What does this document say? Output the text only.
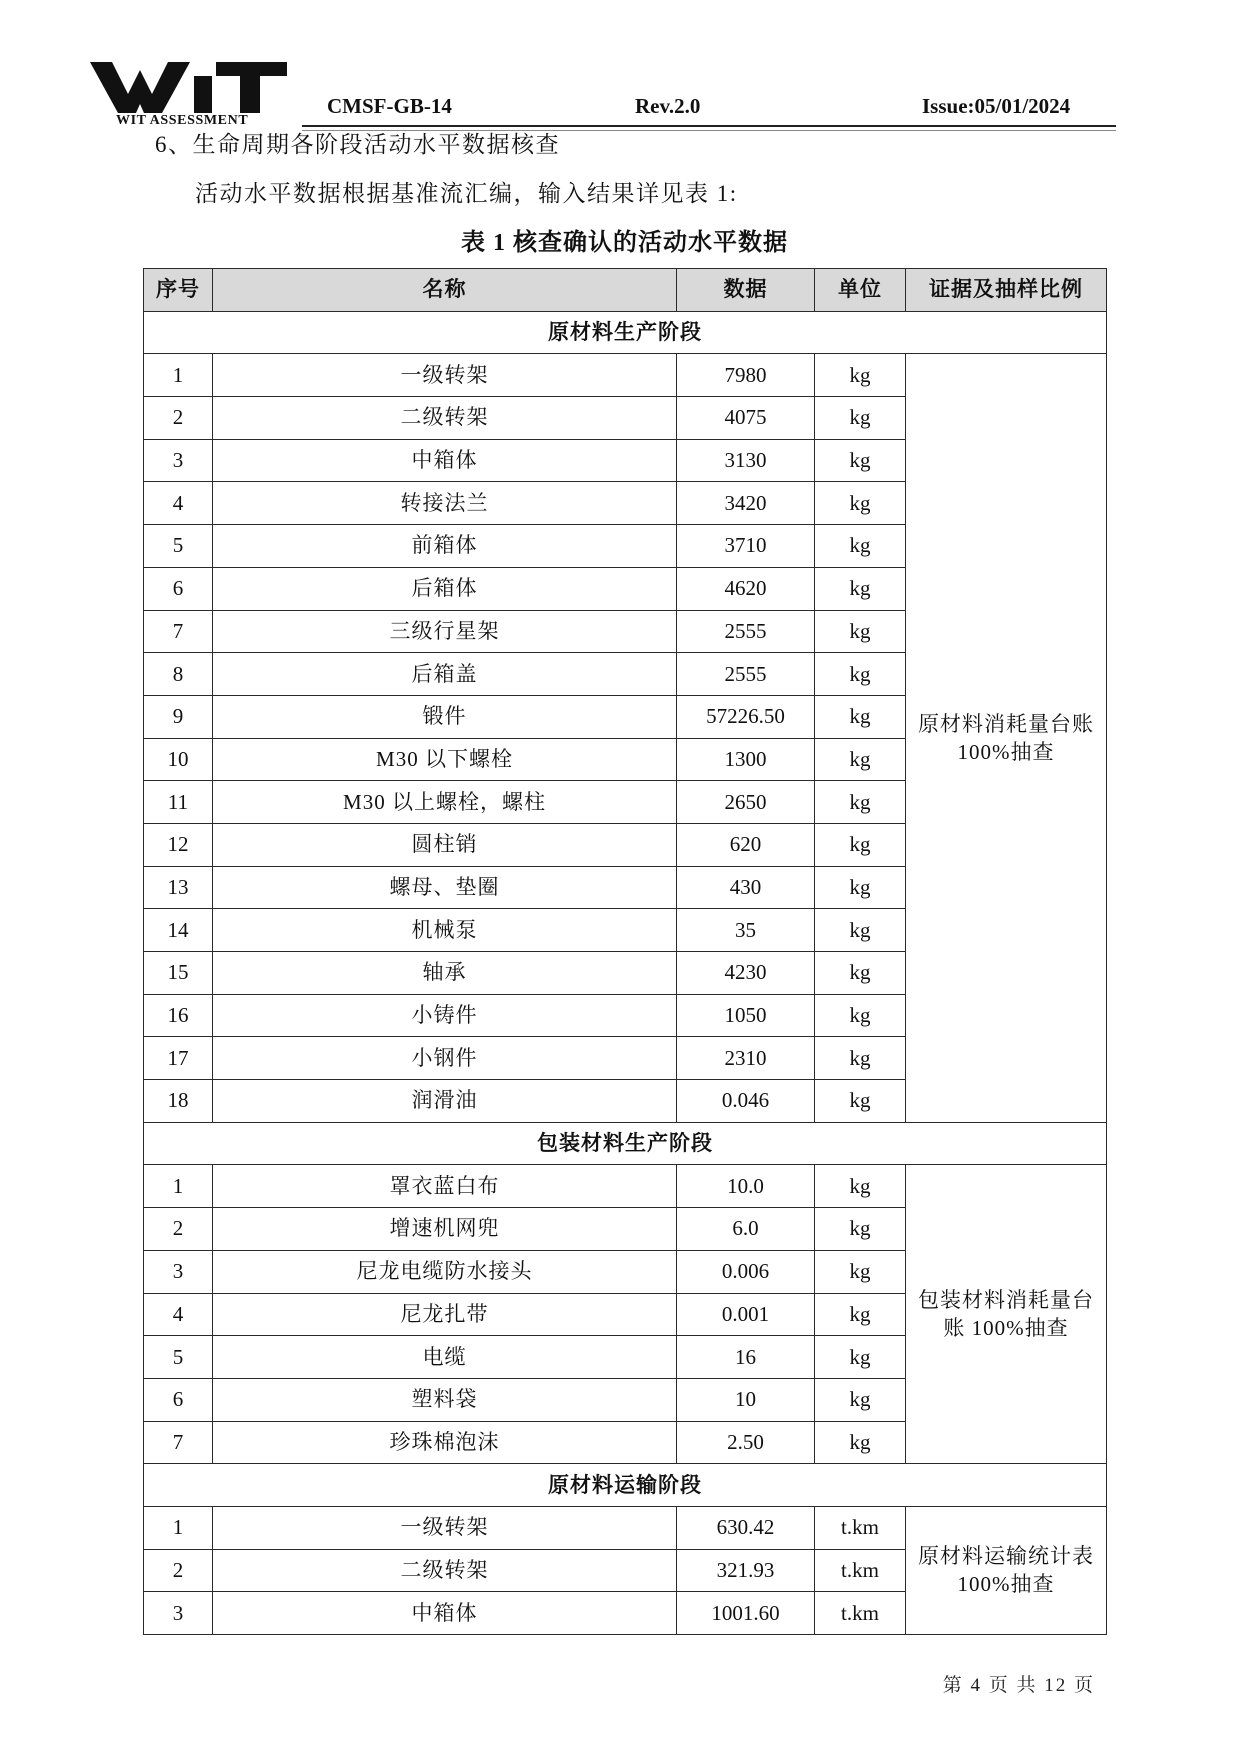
WIT ASSESSMENT
CMSF-GB-14	Rev.2.0	Issue:05/01/2024
6、生命周期各阶段活动水平数据核查
活动水平数据根据基准流汇编，输入结果详见表 1:
表 1 核查确认的活动水平数据
序号	名称	数据	单位	证据及抽样比例
原材料生产阶段				
1	一级转架	7980	kg	原材料消耗量台账 100%抽查

2	二级转架	4075	kg	
3	中箱体	3130	kg	
4	转接法兰	3420	kg	
5	前箱体	3710	kg	
6	后箱体	4620	kg	
7	三级行星架	2555	kg	
8	后箱盖	2555	kg	
9	锻件	57226.50	kg	
10	M30 以下螺栓	1300	kg	
11	M30 以上螺栓，螺柱	2650	kg	
12	圆柱销	620	kg	
13	螺母、垫圈	430	kg	
14	机械泵	35	kg	
15	轴承	4230	kg	
16	小铸件	1050	kg	
17	小钢件	2310	kg	
18	润滑油	0.046	kg	
包装材料生产阶段				
1	罩衣蓝白布	10.0	kg	包装材料消耗量台账 100%抽查

2	增速机网兜	6.0	kg	
3	尼龙电缆防水接头	0.006	kg	
4	尼龙扎带	0.001	kg	
5	电缆	16	kg	
6	塑料袋	10	kg	
7	珍珠棉泡沫	2.50	kg	
原材料运输阶段				
1	一级转架	630.42	t.km	原材料运输统计表 100%抽查

2	二级转架	321.93	t.km	
3	中箱体	1001.60	t.km	
第 4 页 共 12 页
